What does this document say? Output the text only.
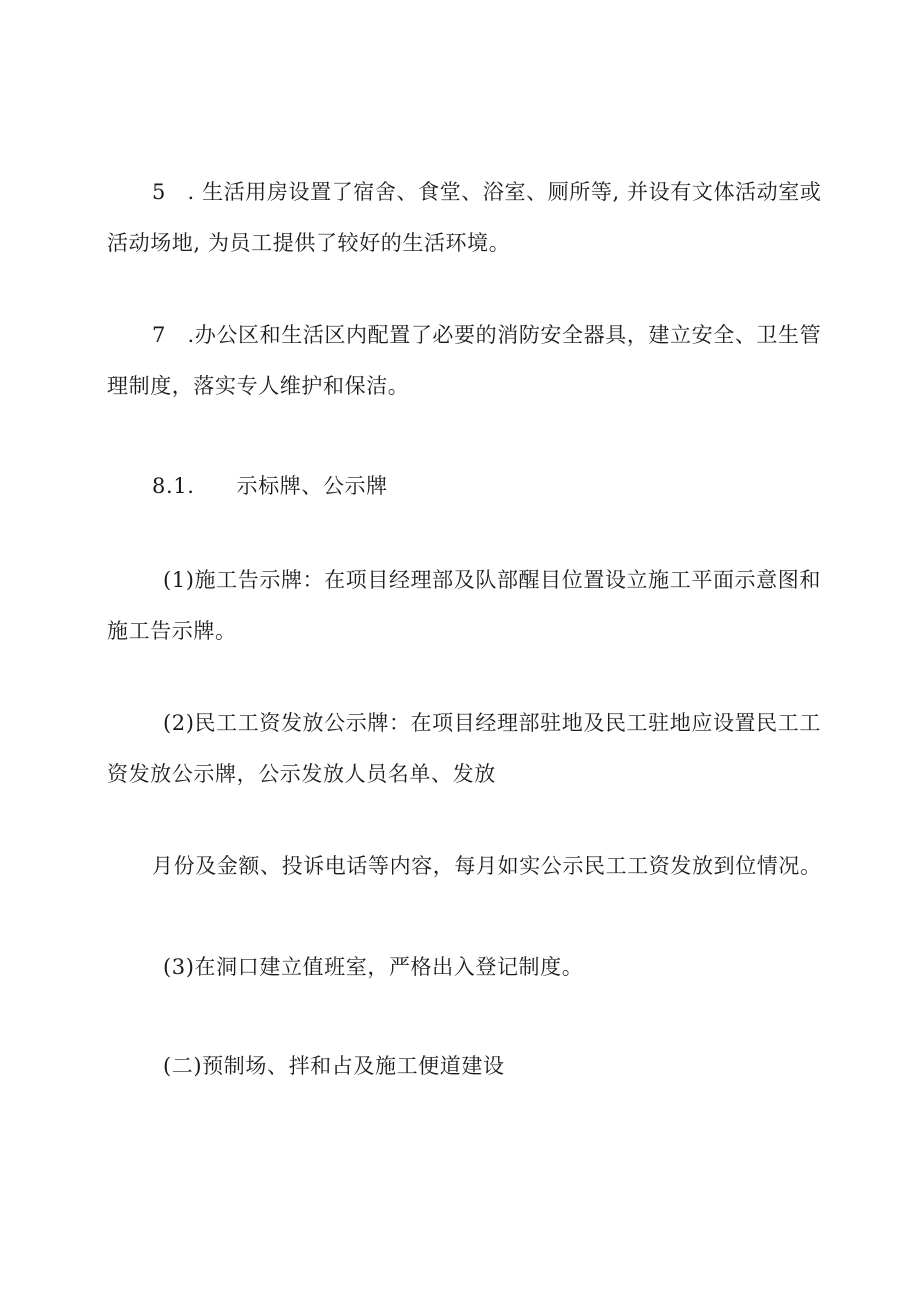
5　. 生活用房设置了宿舍、食堂、浴室、厕所等, 并设有文体活动室或
活动场地, 为员工提供了较好的生活环境。
7　.办公区和生活区内配置了必要的消防安全器具，建立安全、卫生管
理制度，落实专人维护和保洁。
8.1. 示标牌、公示牌
(1)施工告示牌：在项目经理部及队部醒目位置设立施工平面示意图和
施工告示牌。
(2)民工工资发放公示牌：在项目经理部驻地及民工驻地应设置民工工
资发放公示牌，公示发放人员名单、发放
月份及金额、投诉电话等内容，每月如实公示民工工资发放到位情况。
(3)在洞口建立值班室，严格出入登记制度。
(二)预制场、拌和占及施工便道建设
